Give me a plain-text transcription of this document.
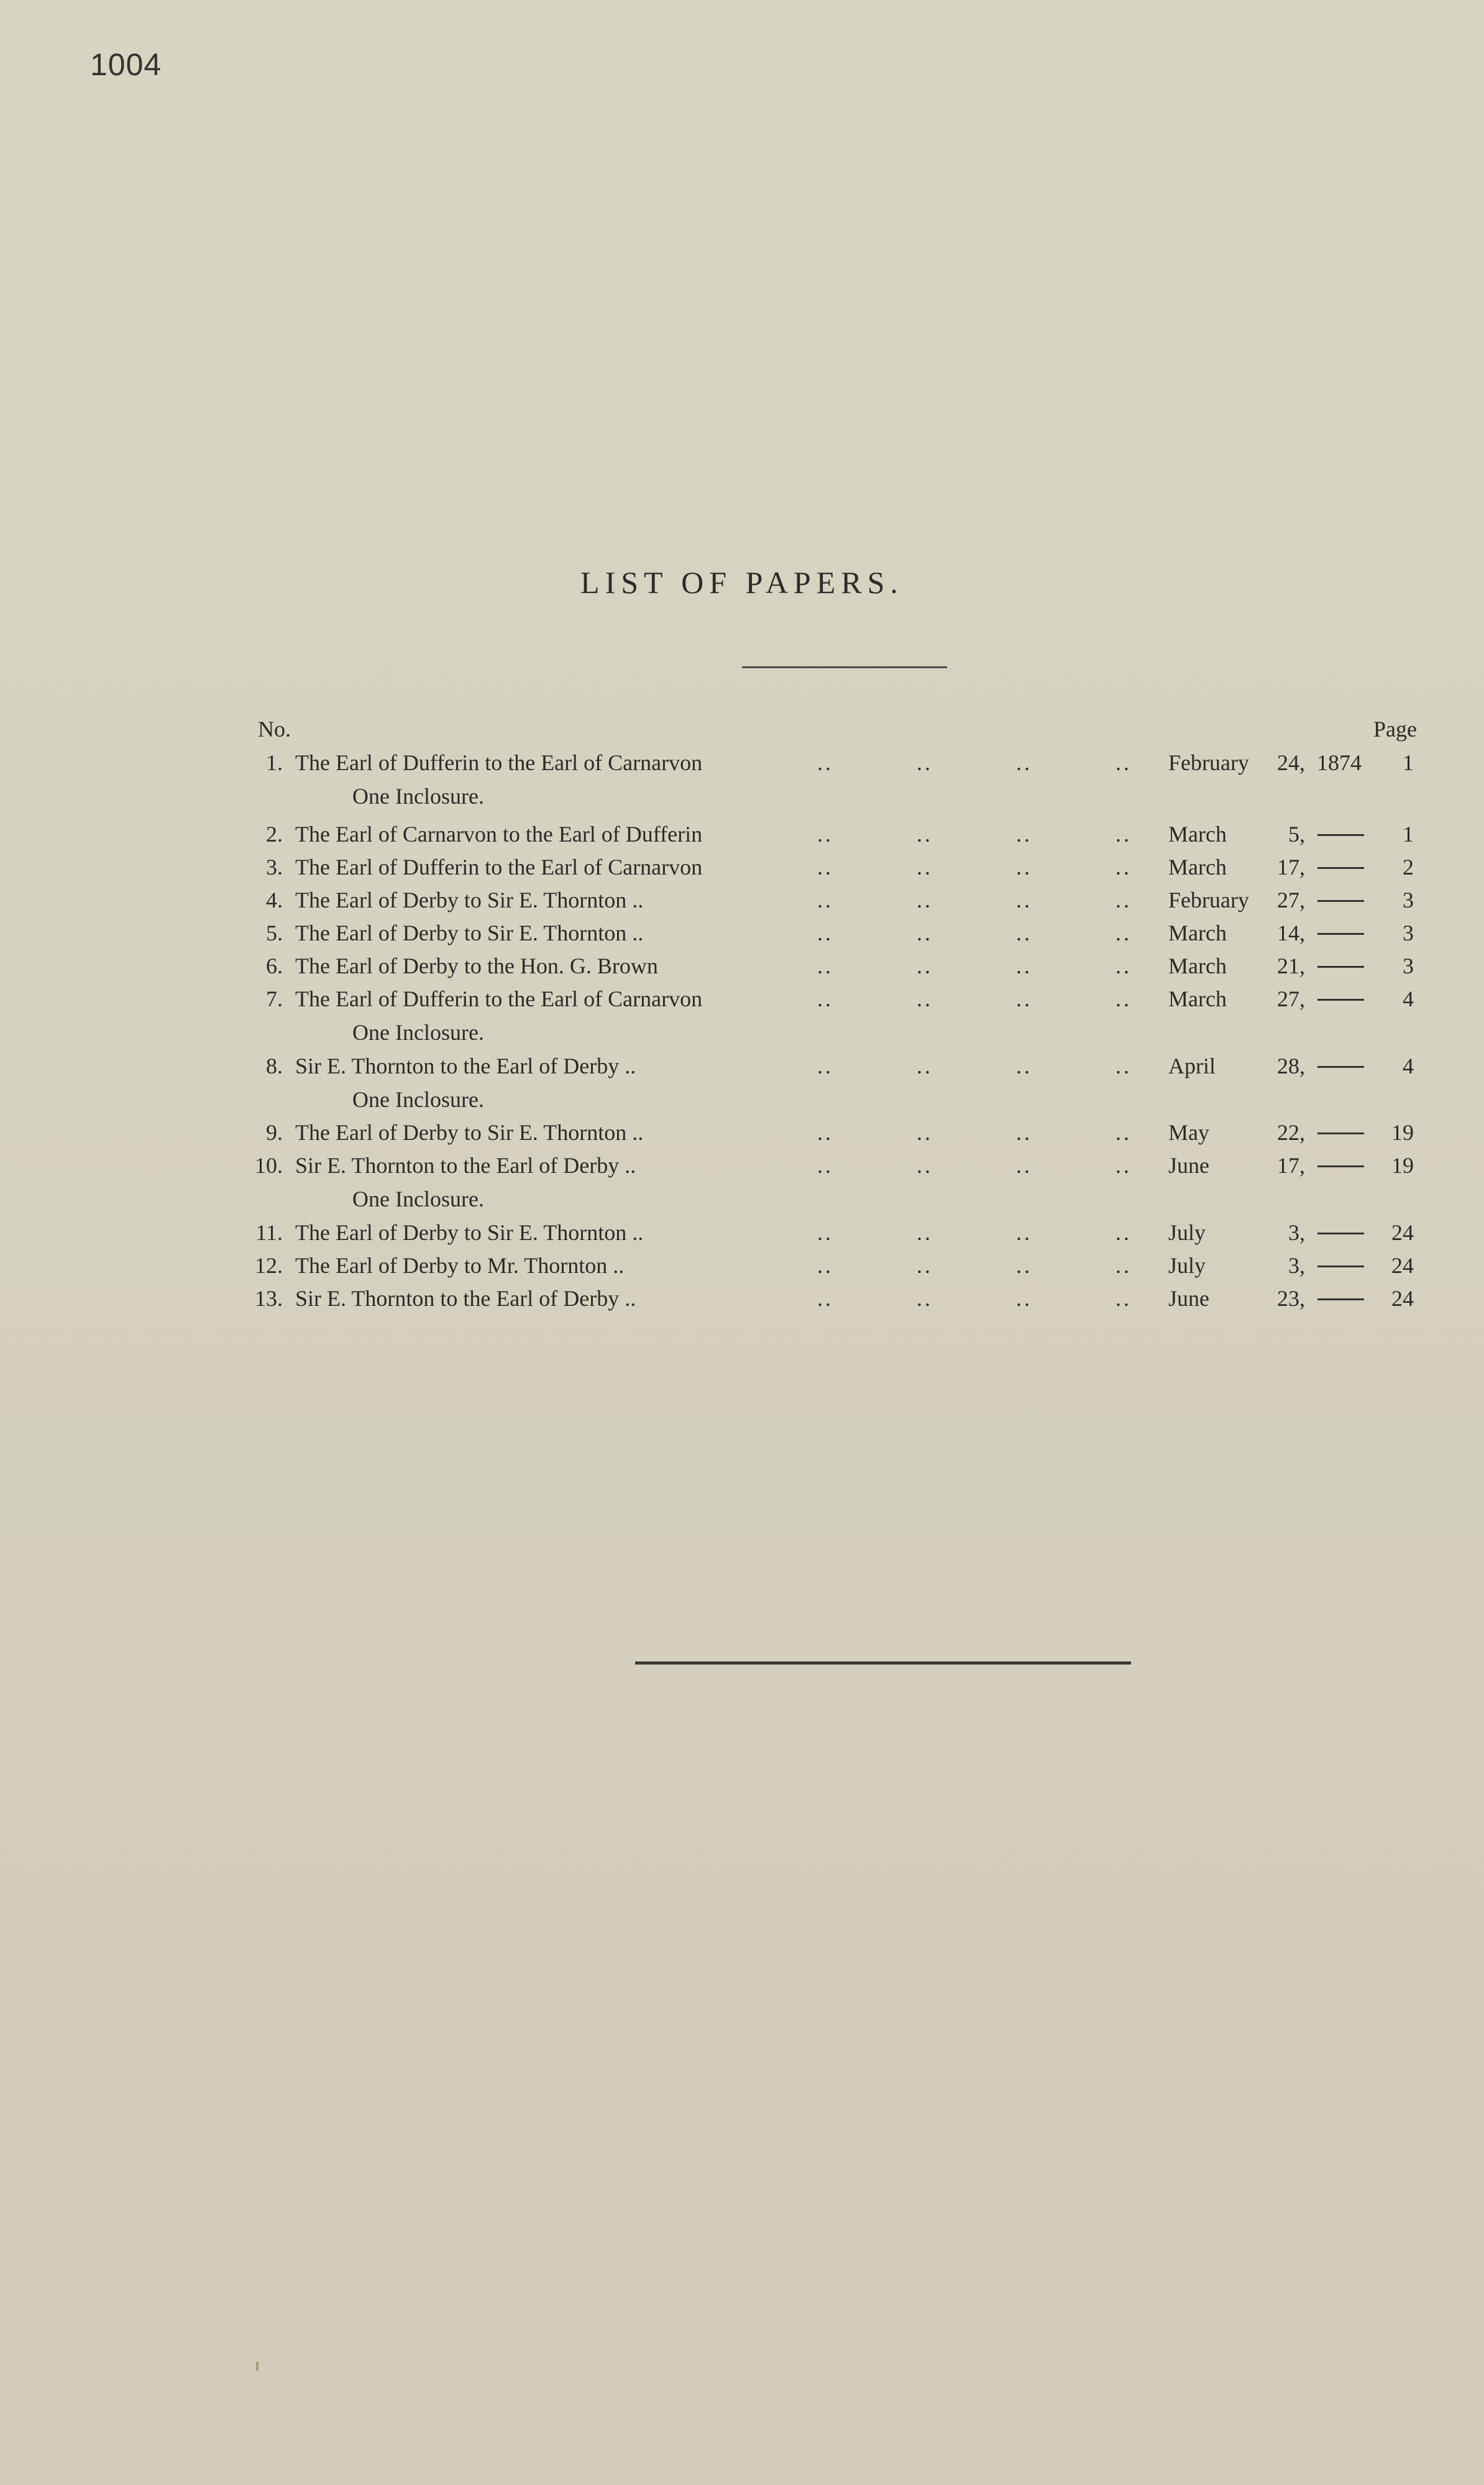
1004
LIST OF PAPERS.
No.	Page
1. The Earl of Dufferin to the Earl of Carnarvon	..	..	..	.. February	24, 1874	1
One Inclosure.
2. The Earl of Carnarvon to the Earl of Dufferin	..	..	..	.. March	5,	1
3. The Earl of Dufferin to the Earl of Carnarvon	..	..	..	.. March	17,	2
4. The Earl of Derby to Sir E. Thornton ..	..	..	..	.. February	27,	3
5. The Earl of Derby to Sir E. Thornton ..	..	..	..	.. March	14,	3
6. The Earl of Derby to the Hon. G. Brown	..	..	..	.. March	21,	3
7. The Earl of Dufferin to the Earl of Carnarvon	..	..	..	.. March	27,	4
One Inclosure.
8. Sir E. Thornton to the Earl of Derby ..	..	..	..	.. April	28,	4
One Inclosure.
9. The Earl of Derby to Sir E. Thornton ..	..	..	..	.. May	22,	19
10. Sir E. Thornton to the Earl of Derby ..	..	..	..	.. June	17,	19
One Inclosure.
11. The Earl of Derby to Sir E. Thornton ..	..	..	..	.. July	3,	24
12. The Earl of Derby to Mr. Thornton ..	..	..	..	.. July	3,	24
13. Sir E. Thornton to the Earl of Derby ..	..	..	..	.. June	23,	24
